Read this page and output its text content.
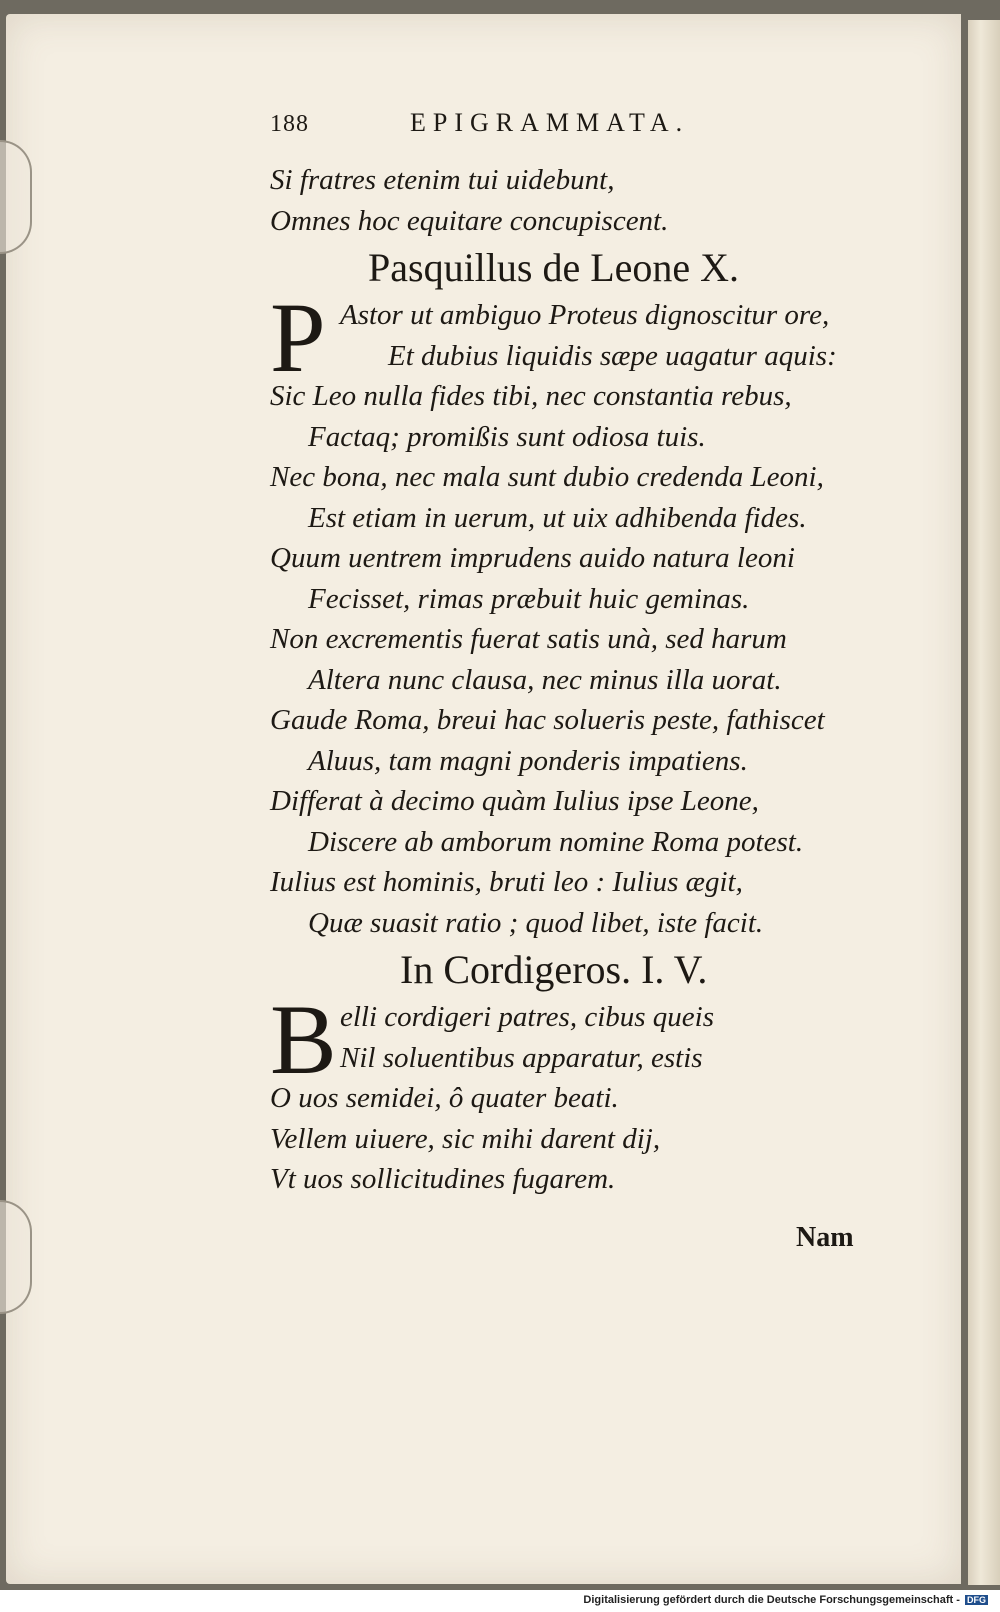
188	EPIGRAMMATA.
Si fratres etenim tui uidebunt,
Omnes hoc equitare concupiscent.
Pasquillus de Leone X.
P Astor ut ambiguo Proteus dignoscitur ore,
Et dubius liquidis sæpe uagatur aquis:
Sic Leo nulla fides tibi, nec constantia rebus,
Factaq; promißis sunt odiosa tuis.
Nec bona, nec mala sunt dubio credenda Leoni,
Est etiam in uerum, ut uix adhibenda fides.
Quum uentrem imprudens auido natura leoni
Fecisset, rimas præbuit huic geminas.
Non excrementis fuerat satis unà, sed harum
Altera nunc clausa, nec minus illa uorat.
Gaude Roma, breui hac solueris peste, fathiscet
Aluus, tam magni ponderis impatiens.
Differat à decimo quàm Iulius ipse Leone,
Discere ab amborum nomine Roma potest.
Iulius est hominis, bruti leo : Iulius ægit,
Quæ suasit ratio ; quod libet, iste facit.
In Cordigeros. I. V.
B elli cordigeri patres, cibus queis
Nil soluentibus apparatur, estis
O uos semidei, ô quater beati.
Vellem uiuere, sic mihi darent dij,
Vt uos sollicitudines fugarem.
Nam
Digitalisierung gefördert durch die Deutsche Forschungsgemeinschaft - DFG
